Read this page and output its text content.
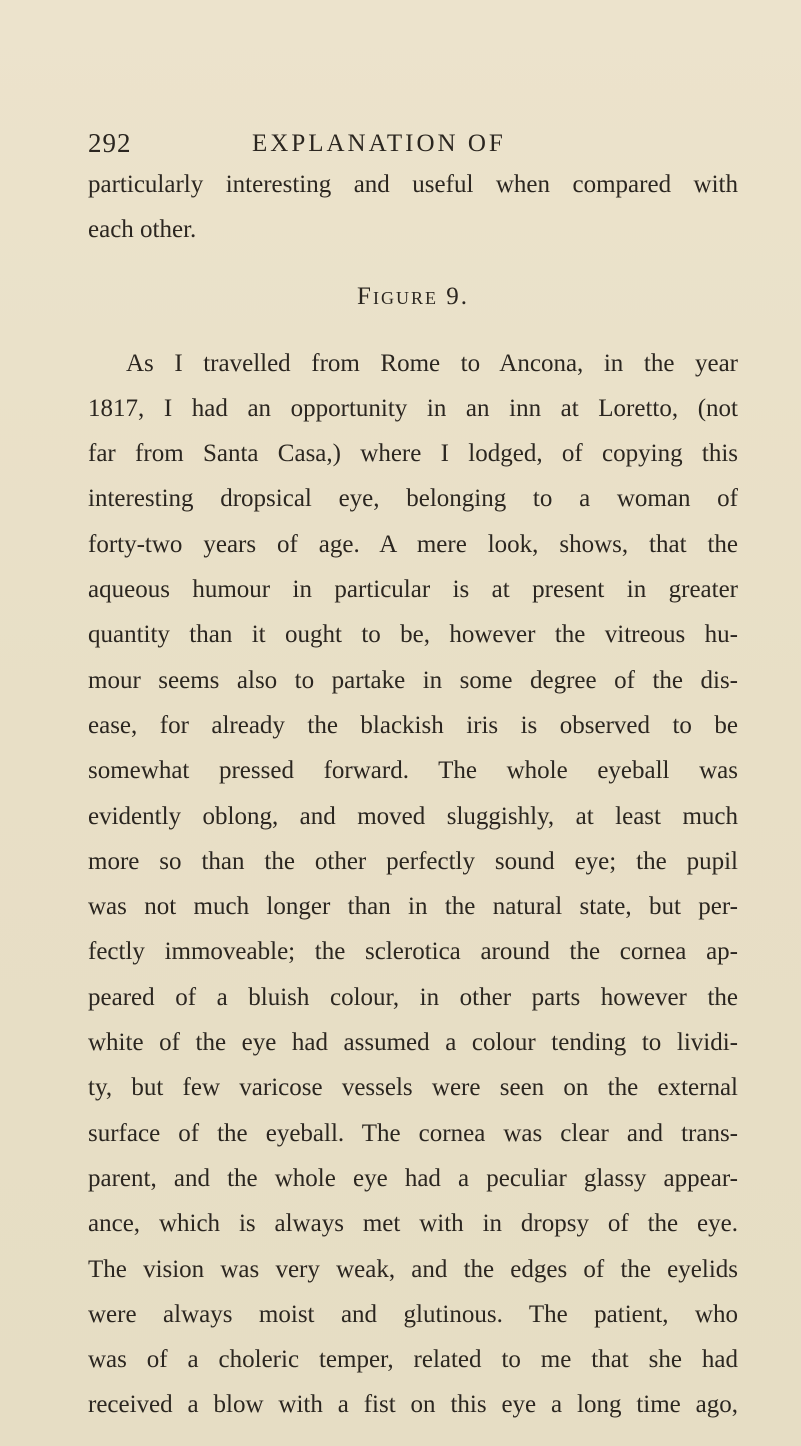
292	EXPLANATION OF
particularly interesting and useful when compared with
each other.
Figure 9.
As I travelled from Rome to Ancona, in the year
1817, I had an opportunity in an inn at Loretto, (not
far from Santa Casa,) where I lodged, of copying this
interesting dropsical eye, belonging to a woman of
forty-two years of age. A mere look, shows, that the
aqueous humour in particular is at present in greater
quantity than it ought to be, however the vitreous hu-
mour seems also to partake in some degree of the dis-
ease, for already the blackish iris is observed to be
somewhat pressed forward. The whole eyeball was
evidently oblong, and moved sluggishly, at least much
more so than the other perfectly sound eye; the pupil
was not much longer than in the natural state, but per-
fectly immoveable; the sclerotica around the cornea ap-
peared of a bluish colour, in other parts however the
white of the eye had assumed a colour tending to lividi-
ty, but few varicose vessels were seen on the external
surface of the eyeball. The cornea was clear and trans-
parent, and the whole eye had a peculiar glassy appear-
ance, which is always met with in dropsy of the eye.
The vision was very weak, and the edges of the eyelids
were always moist and glutinous. The patient, who
was of a choleric temper, related to me that she had
received a blow with a fist on this eye a long time ago,
